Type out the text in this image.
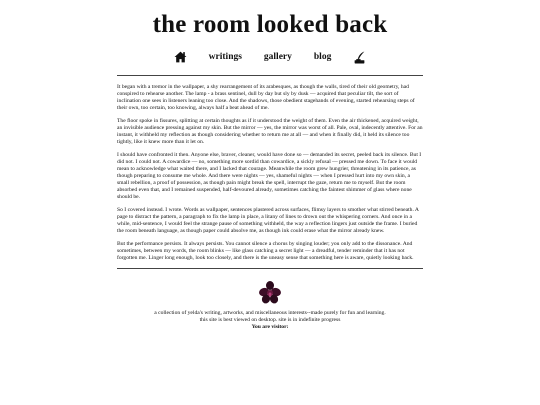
the room looked back
writings gallery blog

It began with a tremor in the wallpaper, a shy rearrangement of its arabesques, as though the walls, tired of their old geometry, had conspired to rehearse another. The lamp - a brass sentinel, dull by day but sly by dusk — acquired that peculiar tilt, the sort of inclination one sees in listeners leaning too close. And the shadows, those obedient stagehands of evening, started rehearsing steps of their own, too certain, too knowing, always half a beat ahead of me.

The floor spoke in fissures, splitting at certain thoughts as if it understood the weight of them. Even the air thickened, acquired weight, an invisible audience pressing against my skin. But the mirror — yes, the mirror was worst of all. Pale, oval, indecently attentive. For an instant, it withheld my reflection as though considering whether to return me at all — and when it finally did, it held its silence too tightly, like it knew more than it let on.

I should have confronted it then. Anyone else, braver, cleaner, would have done so — demanded its secret, peeled back its silence. But I did not. I could not. A cowardice — no, something more sordid than cowardice, a sickly refusal — pressed me down. To face it would mean to acknowledge what waited there, and I lacked that courage. Meanwhile the room grew hungrier, threatening in its patience, as though preparing to consume me whole. And there were nights — yes, shameful nights — when I pressed hurt into my own skin, a small rebellion, a proof of possession, as though pain might break the spell, interrupt the gaze, return me to myself. But the room absorbed even that, and I remained suspended, half-devoured already, sometimes catching the faintest shimmer of glass where none should be.

So I covered instead. I wrote. Words as wallpaper, sentences plastered across surfaces, flimsy layers to smother what stirred beneath. A page to distract the pattern, a paragraph to fix the lamp in place, a litany of lines to drown out the whispering corners. And once in a while, mid-sentence, I would feel the strange pause of something withheld, the way a reflection lingers just outside the frame. I buried the room beneath language, as though paper could absolve me, as though ink could erase what the mirror already knew.

But the performance persists. It always persists. You cannot silence a chorus by singing louder; you only add to the dissonance. And sometimes, between my words, the room blinks — like glass catching a secret light — a dreadful, tender reminder that it has not forgotten me. Linger long enough, look too closely, and there is the uneasy sense that something here is aware, quietly looking back.

a collection of yelda's writing, artworks, and miscellaneous interests--made purely for fun and learning.
this site is best viewed on desktop. site is in indefinite progress
You are visitor:
